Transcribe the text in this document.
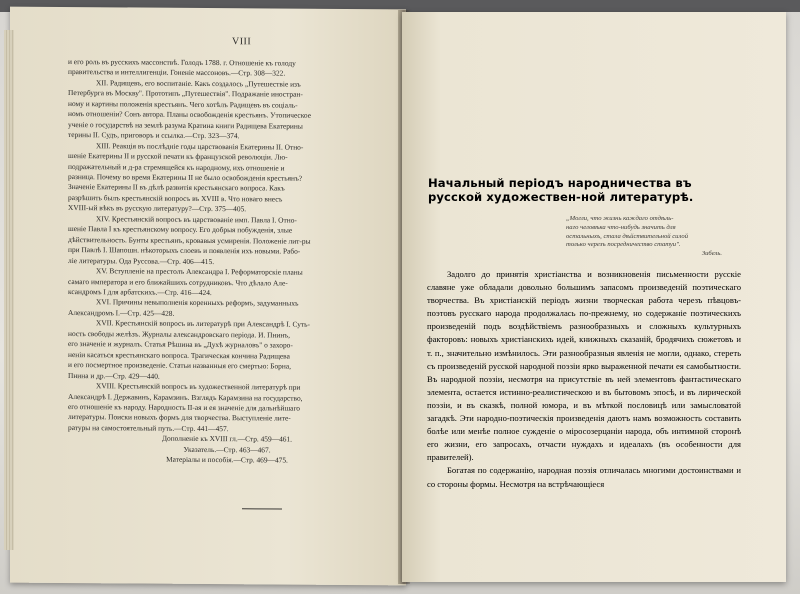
VIII

и его роль въ русскихъ массонствѣ. Голодъ 1788. г. Отношеніе къ голоду

правительства и интеллигенціи. Гоненіе массоновъ.—Стр. 308—322.

XII. Радищевъ, его воспитаніе. Какъ создалось „Путешествіе изъ

Петербурга въ Москву". Прототипъ „Путешествія". Подражаніе иностран-

ному и картины положенія крестьянъ. Чего хотѣлъ Радищевъ въ соціаль-

номъ отношеніи? Сонъ автора. Планы освобожденія крестьянъ. Утопическое

ученіе о государствѣ на землѣ разума Кратина книги Радищева Екатерины

терины II. Судъ, приговоръ и ссылка.—Стр. 323—374.

XIII. Реакція въ послѣдніе годы царствованія Екатерины II. Отно-

шеніе Екатерины II и русской печати къ французской революціи. Лю-

подражательный и д-ра стремящейся къ народному, ихъ отношеніе и

разница. Почему во время Екатерины II не было освобожденія крестьянъ?

Значеніе Екатерины II въ дѣлѣ развитія крестьянскаго вопроса. Какъ

разрѣшить былъ крестьянскій вопросъ въ XVIII в. Что новаго внесъ

XVIII-ый вѣкъ въ русскую литературу?—Стр. 375—405.

XIV. Крестьянскій вопросъ въ царствованіе имп. Павла I. Отно-

шеніе Павла I къ крестьянскому вопросу. Его добрыя побужденія, злые

дѣйствительность. Бунты крестьянъ, кровавыя усмиренія. Положеніе лит-ры

при Павлѣ I. Шапошн. нѣкоторыхъ слоевъ и появленія ихъ новыми. Рабо-

ліе литературы. Ода Руссова.—Стр. 406—415.

XV. Вступленіе на престолъ Александра I. Реформаторскіе планы

самаго императора и его ближайшихъ сотрудниковъ. Что дѣлало Але-

ксандромъ I для арбатскихъ.—Стр. 416—424.

XVI. Причины невыполненія коренныхъ реформъ, задуманныхъ

Александромъ I.—Стр. 425—428.

XVII. Крестьянскій вопросъ въ литературѣ при Александрѣ I. Суть-

ность свободы желѣзъ. Журналы александровскаго періода. И. Пнинъ,

его значеніе и журналъ. Статья Рѣшина въ „Духѣ журналовъ" о захоро-

неніи касаться крестьянскаго вопроса. Трагическая кончина Радищева

и его посмертное произведеніе. Статьи названныя его смертью: Борна,

Пнина и др.—Стр. 429—440.

XVIII. Крестьянскій вопросъ въ художественной литературѣ при

Александрѣ I. Державинъ, Карамзинъ. Взглядъ Карамзина на государство,

его отношеніе къ народу. Народность II-ая и ея значеніе для дальнѣйшаго

литературы. Поиски новыхъ формъ для творчества. Выступленіе лите-

ратуры на самостоятельный путь.—Стр. 441—457.

Дополненіе къ XVIII гл.—Стр. 459—461.

Указатель.—Стр. 463—467.

Матеріалы и пособія.—Стр. 469—475.

Начальный періодъ народничества въ русской художествен-ной литературѣ.

„Могли, что жизнь каждаго отдѣль-

наго человѣка что-нибудь значить для

остальныхъ, стала дѣйствительной силой

только черезъ посредничество статуи".

Зибель.

Задолго до принятія христіанства и возникновенія письменности русскіе славяне уже обладали довольно большимъ запасомъ произведеній поэтическаго творчества. Въ христіанскій періодъ жизни творческая работа черезъ пѣвцовъ-поэтовъ русскаго народа продолжалась по-прежнему, но содержаніе поэтическихъ произведеній подъ воздѣйствіемъ разнообразныхъ и сложныхъ культурныхъ факторовъ: новыхъ христіанскихъ идей, книжныхъ сказаній, бродячихъ сюжетовъ и т. п., значительно измѣнилось. Эти разнообразныя явленія не могли, однако, стереть съ произведеній русской народной поэзіи ярко выраженной печати ея самобытности. Въ народной поэзіи, несмотря на присутствіе въ ней элементовъ фантастическаго элемента, остается истинно-реалистическою и въ бытовомъ эпосѣ, и въ лирической поэзіи, и въ сказкѣ, полной юмора, и въ мѣткой пословицѣ или замысловатой загадкѣ. Эти народно-поэтическія произведенія даютъ намъ возможность составить болѣе или менѣе полное сужденіе о міросозерцаніи народа, объ интимной сторонѣ его жизни, его запросахъ, отчасти нуждахъ и идеалахъ (въ особенности для правителей).

Богатая по содержанію, народная поэзія отличалась многими достоинствами и со стороны формы. Несмотря на встрѣчающіеся
